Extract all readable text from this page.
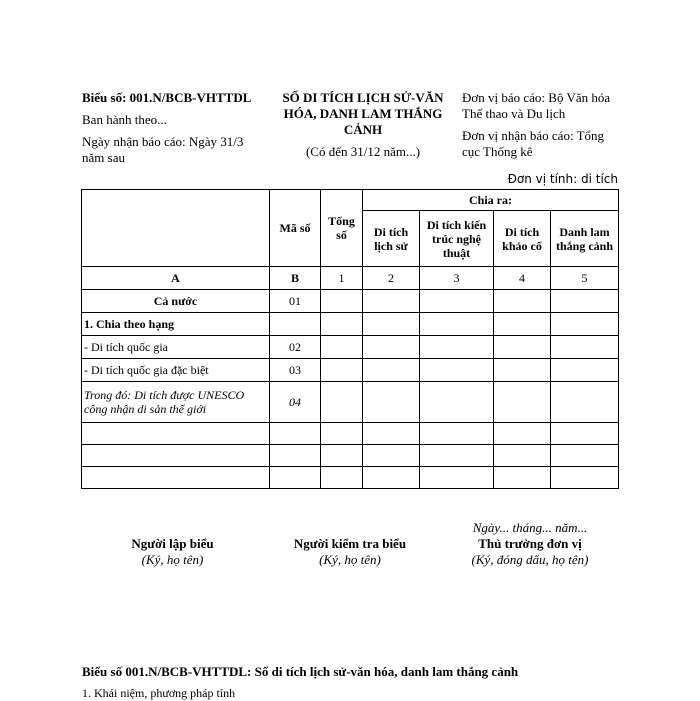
Biểu số: 001.N/BCB-VHTTDL
Ban hành theo...
Ngày nhận báo cáo: Ngày 31/3 năm sau
SỐ DI TÍCH LỊCH SỬ-VĂN HÓA, DANH LAM THẮNG CẢNH
(Có đến 31/12 năm...)
Đơn vị báo cáo: Bộ Văn hóa Thể thao và Du lịch
Đơn vị nhận báo cáo: Tổng cục Thống kê
Đơn vị tính: di tích
	Mã số	Tổng số	Chia ra:			
			Di tích lịch sử	Di tích kiến trúc nghệ thuật	Di tích khảo cổ	Danh lam thắng cảnh
A	B	1	2	3	4	5
Cả nước	01					
1. Chia theo hạng						
- Di tích quốc gia	02					
- Di tích quốc gia đặc biệt	03					
Trong đó: Di tích được UNESCO công nhận di sản thế giới	04					

Người lập biểu
(Ký, họ tên)
Người kiểm tra biểu
(Ký, họ tên)
Ngày... tháng... năm...
Thủ trưởng đơn vị
(Ký, đóng dấu, họ tên)
Biểu số 001.N/BCB-VHTTDL: Số di tích lịch sử-văn hóa, danh lam thắng cảnh
1. Khái niệm, phương pháp tính
